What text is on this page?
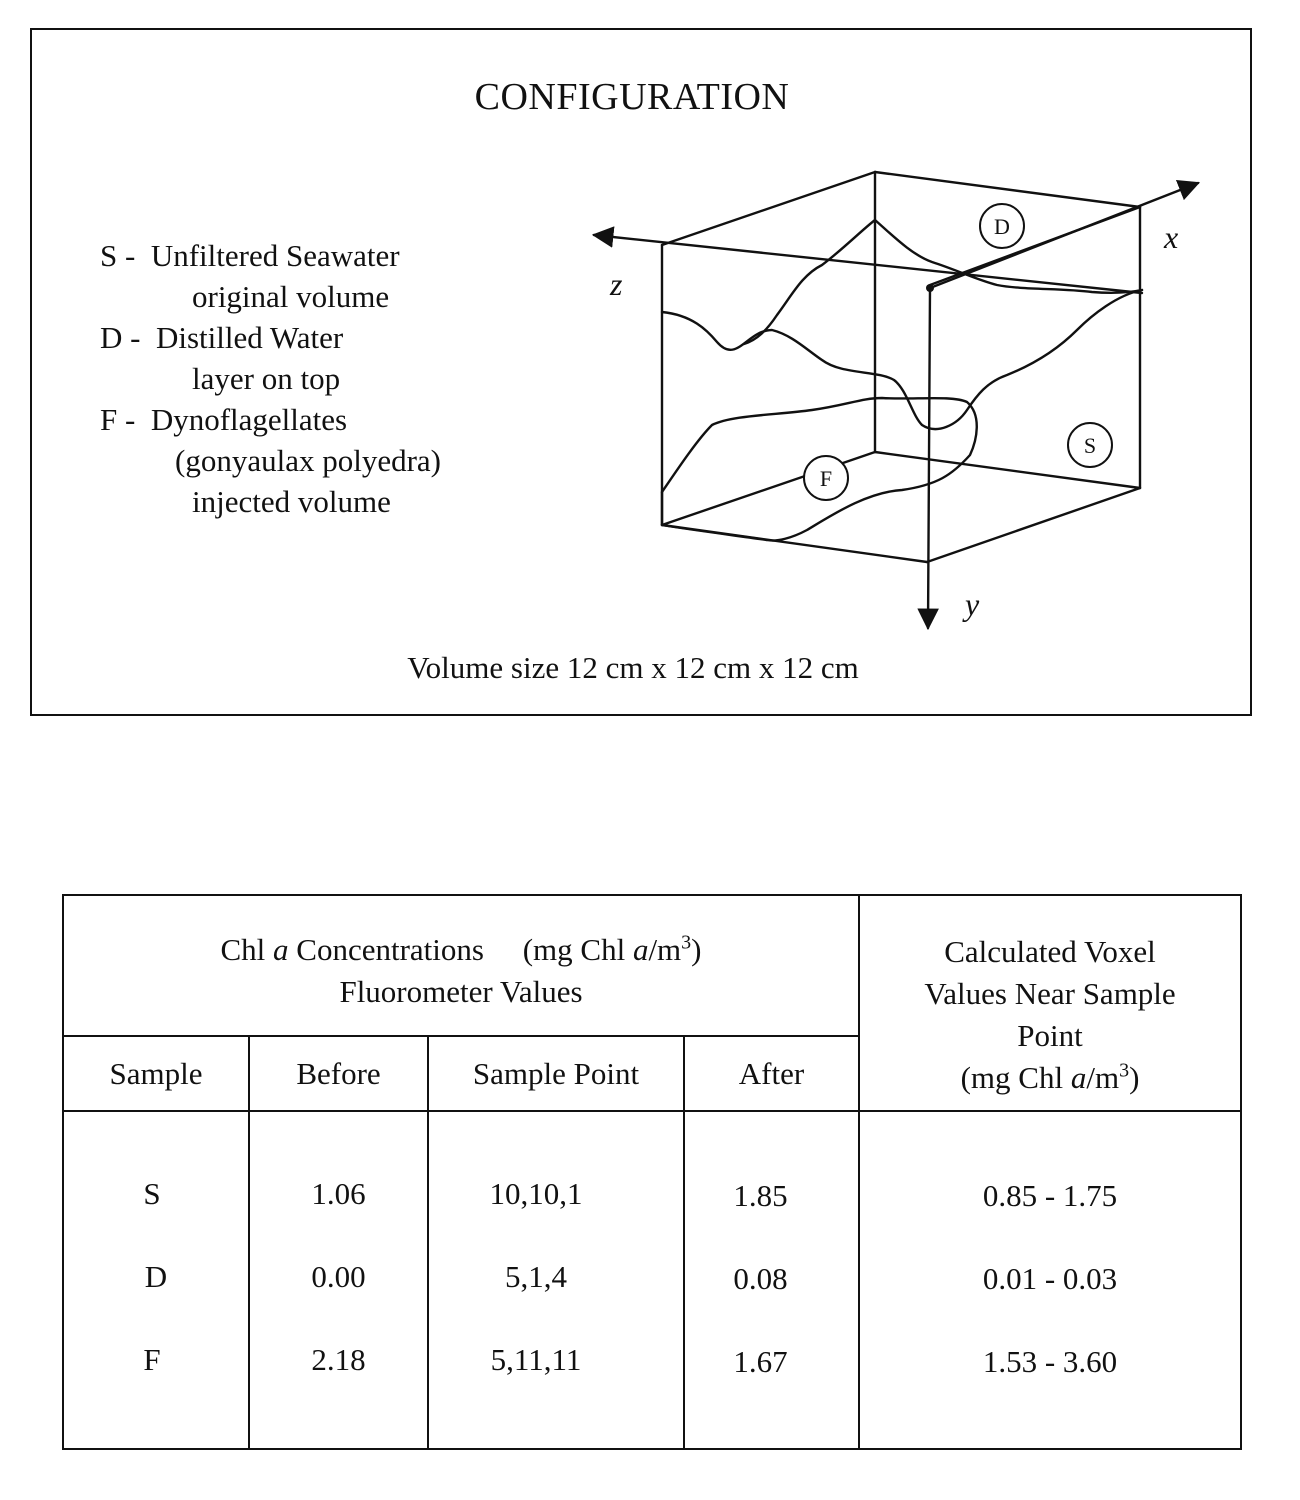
CONFIGURATION
S -  Unfiltered Seawater
original volume
D -  Distilled Water
layer on top
F -  Dynoflagellates
(gonyaulax polyedra)
injected volume
D
S
F
x
z
y
Volume size 12 cm x 12 cm x 12 cm
Chl a Concentrations     (mg Chl $a/m^3$)
Fluorometer Values
Calculated Voxel
Values Near Sample
Point
(mg Chl $a/m^3$)
Sample	Before	Sample Point	After
S	1.06	10,10,1	1.85	0.85 - 1.75
D	0.00	5,1,4	0.08	0.01 - 0.03
F	2.18	5,11,11	1.67	1.53 - 3.60
